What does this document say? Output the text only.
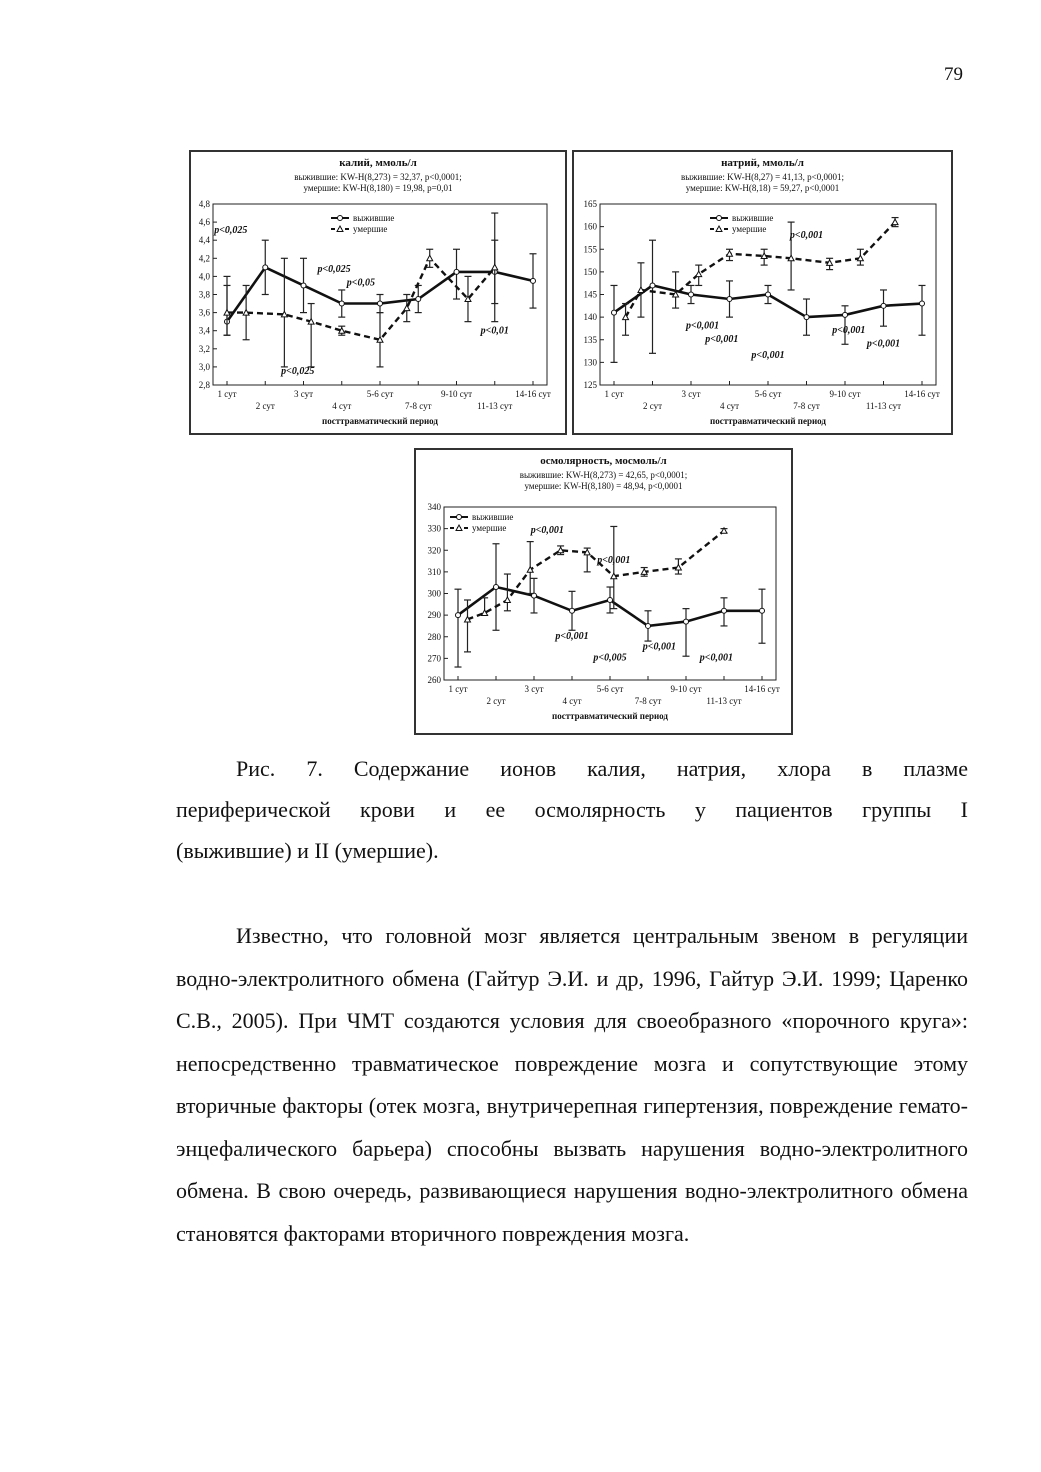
79
калий, ммоль/л
выжившие: KW-H(8,273) = 32,37, p<0,0001;
умершие: KW-H(8,180) = 19,98, p=0,01
2,8
3,0
3,2
3,4
3,6
3,8
4,0
4,2
4,4
4,6
4,8
1 сут
2 сут
3 сут
4 сут
5-6 сут
7-8 сут
9-10 сут
11-13 сут
14-16 сут
посттравматический период
выжившие
умершие
p<0,025
p<0,025
p<0,05
p<0,025
p<0,01
натрий, ммоль/л
выжившие: KW-H(8,27) = 41,13, p<0,0001;
умершие: KW-H(8,18) = 59,27, p<0,0001
125
130
135
140
145
150
155
160
165
1 сут
2 сут
3 сут
4 сут
5-6 сут
7-8 сут
9-10 сут
11-13 сут
14-16 сут
посттравматический период
выжившие
умершие
p<0,001
p<0,001
p<0,001
p<0,001
p<0,001
p<0,001
осмолярность, мосмоль/л
выжившие: KW-H(8,273) = 42,65, p<0,0001;
умершие: KW-H(8,180) = 48,94, p<0,0001
260
270
280
290
300
310
320
330
340
1 сут
2 сут
3 сут
4 сут
5-6 сут
7-8 сут
9-10 сут
11-13 сут
14-16 сут
посттравматический период
выжившие
умершие p<0,001
p<0,001
p<0,001
p<0,005
p<0,001
p<0,001
Рис. 7. Содержание ионов калия, натрия, хлора в плазме
периферической крови и ее осмолярность у пациентов группы I
(выжившие) и II (умершие).
Известно, что головной мозг является центральным звеном в регуляции водно-электролитного обмена (Гайтур Э.И. и др, 1996, Гайтур Э.И. 1999; Царенко С.В., 2005). При ЧМТ создаются условия для своеобразного «порочного круга»: непосредственно травматическое повреждение мозга и сопутствующие этому вторичные факторы (отек мозга, внутричерепная гипертензия, повреждение гемато-энцефалического барьера) способны вызвать нарушения водно-электролитного обмена. В свою очередь, развивающиеся нарушения водно-электролитного обмена становятся факторами вторичного повреждения мозга.
